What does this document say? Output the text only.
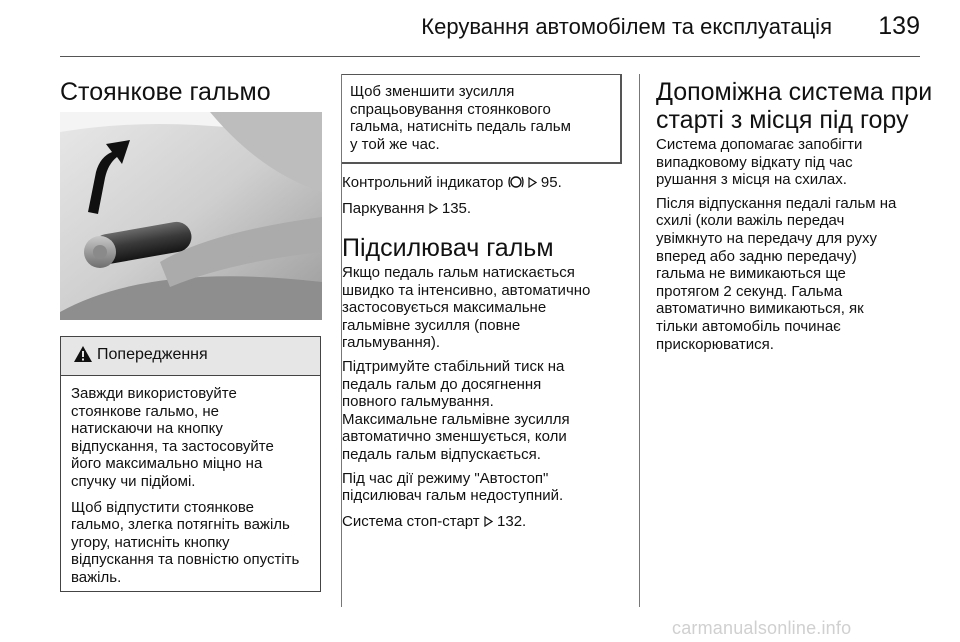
Керування автомобілем та експлуатація 139
Стоянкове гальмо
Попередження

Завжди використовуйте
стоянкове гальмо, не
натискаючи на кнопку
відпускання, та застосовуйте
його максимально міцно на
спучку чи підйомі.

Щоб відпустити стоянкове
гальмо, злегка потягніть важіль
угору, натисніть кнопку
відпускання та повністю опустіть
важіль.

Щоб зменшити зусилля
спрацьовування стоянкового
гальма, натисніть педаль гальм
у той же час.

Контрольний індикатор	95.

Паркування 135.

Підсилювач гальм

Якщо педаль гальм натискається
швидко та інтенсивно, автоматично
застосовується максимальне
гальмівне зусилля (повне
гальмування).

Підтримуйте стабільний тиск на
педаль гальм до досягнення
повного гальмування.

Максимальне гальмівне зусилля
автоматично зменшується, коли
педаль гальм відпускається.

Під час дії режиму "Автостоп"
підсилювач гальм недоступний.

Система стоп-старт 132.

Допоміжна система при
старті з місця під гору

Система допомагає запобігти
випадковому відкату під час
рушання з місця на схилах.

Після відпускання педалі гальм на
схилі (коли важіль передач
увімкнуто на передачу для руху
вперед або задню передачу)
гальма не вимикаються ще
протягом 2 секунд. Гальма
автоматично вимикаються, як
тільки автомобіль починає
прискорюватися.

carmanualsonline.info
